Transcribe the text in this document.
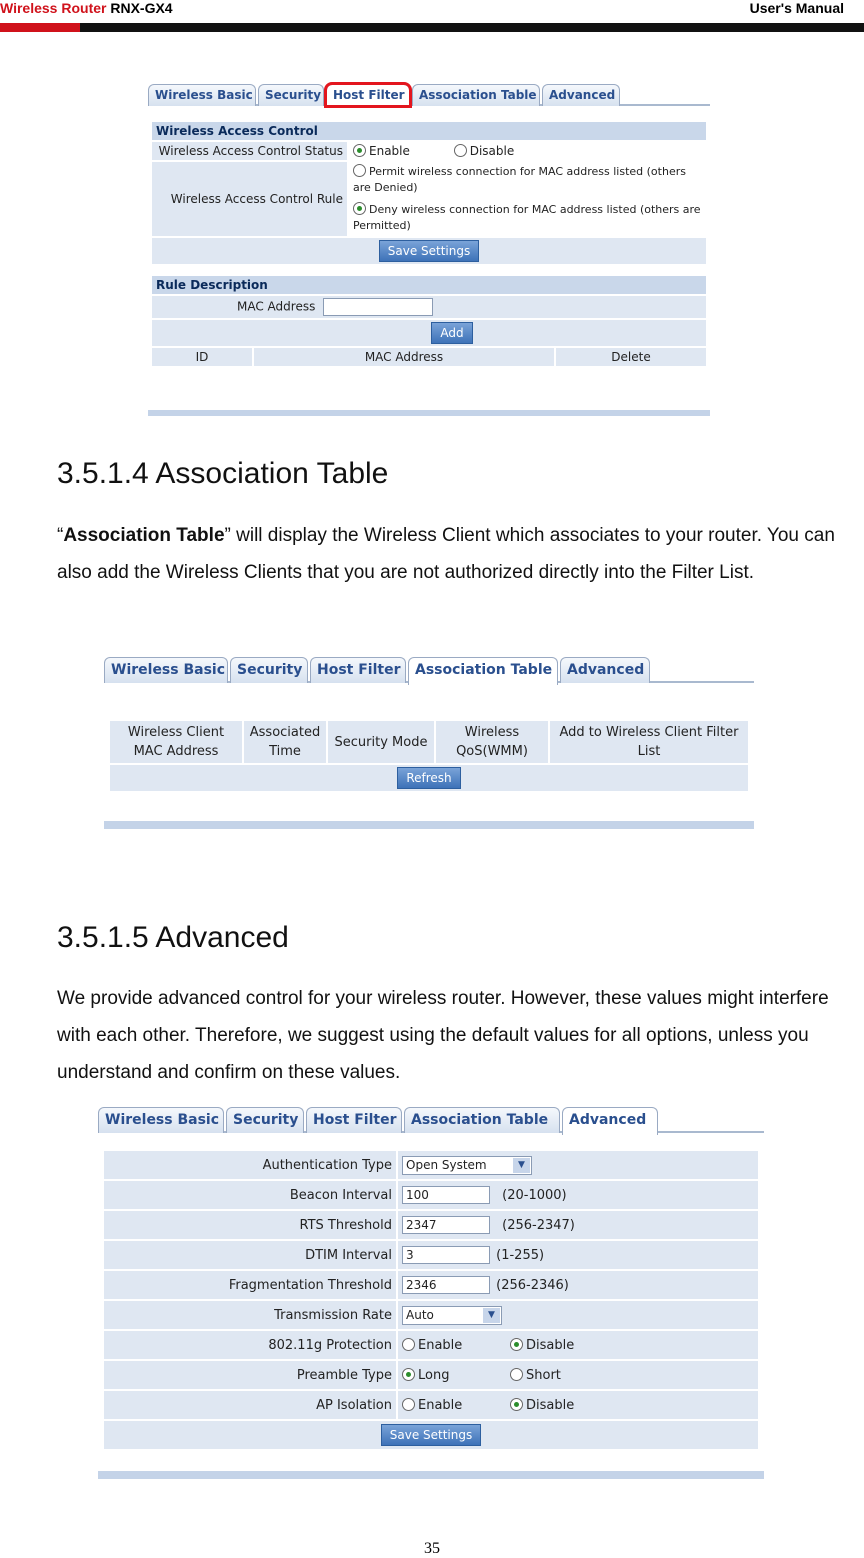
Wireless Router RNX-GX4	User's Manual
Wireless Basic	Security Host Filter	Association Table	Advanced
Wireless Access Control	
Wireless Access Control Status	Enable Disable
Wireless Access Control Rule	Permit wireless connection for MAC address listed (others are Denied)
	Deny wireless connection for MAC address listed (others are Permitted)
Save Settings	
Rule Description
MAC Address
Add
ID	MAC Address	Delete
3.5.1.4 Association Table
“Association Table” will display the Wireless Client which associates to your router. You can also add the Wireless Clients that you are not authorized directly into the Filter List.
Wireless Basic Security	Host Filter	Association Table	Advanced
Wireless Client MAC Address	Associated Time	Security Mode	Wireless QoS(WMM)	Add to Wireless Client Filter List
Refresh
3.5.1.5 Advanced
We provide advanced control for your wireless router. However, these values might interfere with each other. Therefore, we suggest using the default values for all options, unless you understand and confirm on these values.
Wireless Basic Security	Host Filter	Association Table	Advanced
Authentication Type	Open System ▼

Beacon Interval	100 (20-1000)
RTS Threshold	2347 (256-2347)
DTIM Interval	3 (1-255)
Fragmentation Threshold	2346 (256-2346)
Transmission Rate	Auto ▼

802.11g Protection	Enable Disable
Preamble Type	Long Short
AP Isolation	Enable Disable
Save Settings	
35
